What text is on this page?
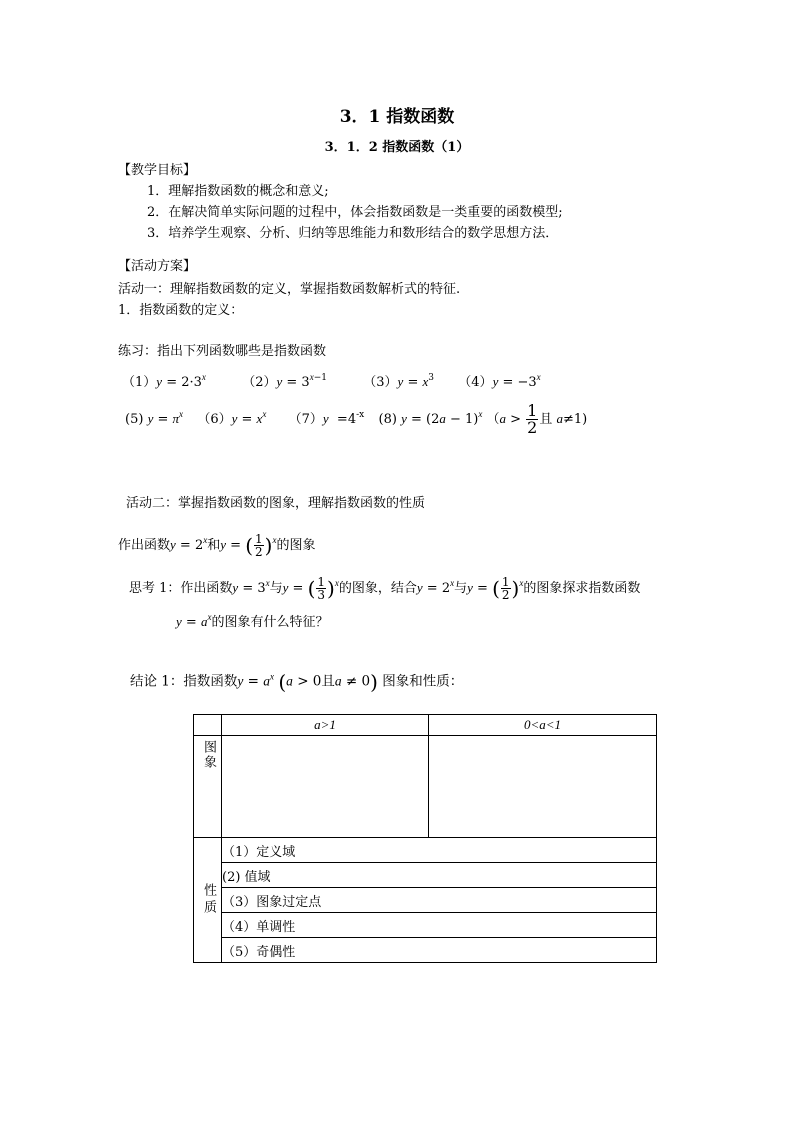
3．1 指数函数
3．1．2 指数函数（1）
【教学目标】
1．理解指数函数的概念和意义;
2．在解决简单实际问题的过程中，体会指数函数是一类重要的函数模型;
3．培养学生观察、分析、归纳等思维能力和数形结合的数学思想方法．
【活动方案】
活动一：理解指数函数的定义，掌握指数函数解析式的特征.
1．指数函数的定义：
练习：指出下列函数哪些是指数函数
$(1)y = 2\cdot 3^x$	$(2)y = 3^{x-1}$	$(3)y = x^3$ $(4)y = -3^x$
(5) $y = \pi^x$ $(6)y = x^x$ $(7)y =4^{-x}$ (8) $y = (2a - 1)^x$ （$a > \frac{1}{2}$ 且 a≠1)
活动二：掌握指数函数的图象，理解指数函数的性质
作出函数$y = 2^x$和y = ( $\frac{1}{2} )^x$的图象
思考 1：作出函数$y = 3^x$与y = ( $\frac{1}{3} )^x$的图象，结合$y = 2^x$与y = ( $\frac{1}{2} )^x$的图象探求指数函数
$y = a^x$的图象有什么特征？
结论 1：指数函数$y = a^x$ (a > 0且a ≠ 0) 图象和性质：
	a>1	0<a<1

图象		

性质	（1）定义域	
	(2) 值域	
	（3）图象过定点	
	（4）单调性	
	（5）奇偶性	
